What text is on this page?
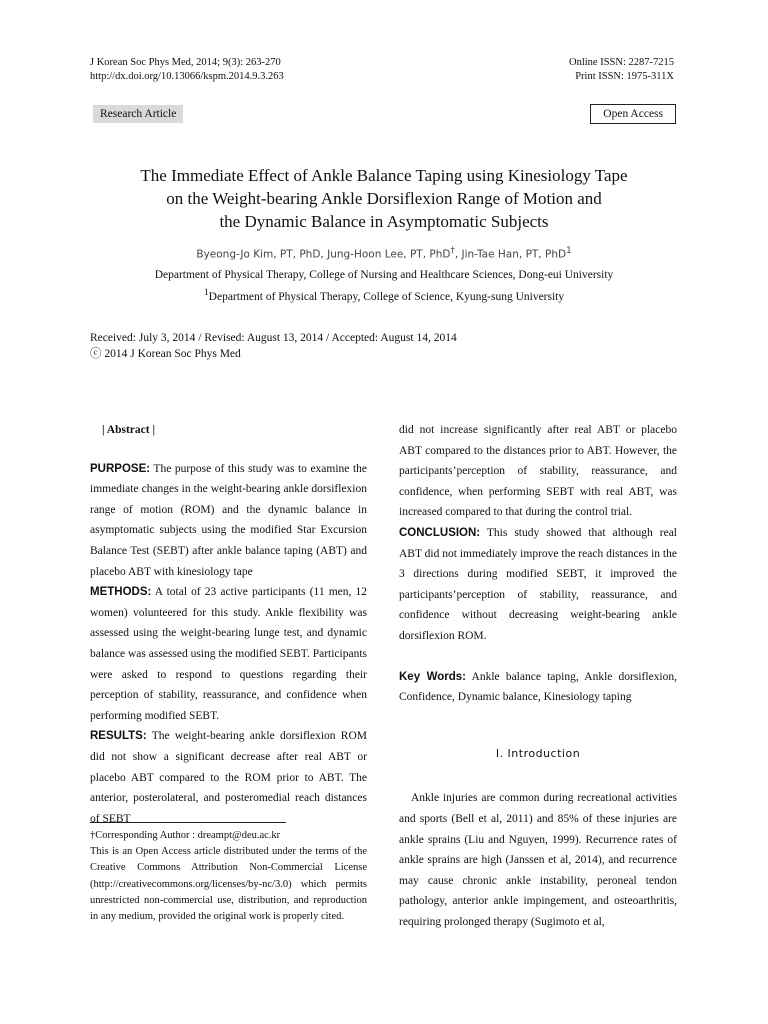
J Korean Soc Phys Med, 2014; 9(3): 263-270
http://dx.doi.org/10.13066/kspm.2014.9.3.263
Online ISSN: 2287-7215
Print ISSN: 1975-311X
Research Article	Open Access
The Immediate Effect of Ankle Balance Taping using Kinesiology Tape
on the Weight-bearing Ankle Dorsiflexion Range of Motion and
the Dynamic Balance in Asymptomatic Subjects
Byeong-Jo Kim, PT, PhD, Jung-Hoon Lee, PT, PhD†, Jin-Tae Han, PT, PhD$^1$
Department of Physical Therapy, College of Nursing and Healthcare Sciences, Dong-eui University
$^1$Department of Physical Therapy, College of Science, Kyung-sung University
Received: July 3, 2014 / Revised: August 13, 2014 / Accepted: August 14, 2014
ⓒ 2014 J Korean Soc Phys Med

| Abstract |

PURPOSE: The purpose of this study was to examine the immediate changes in the weight-bearing ankle dorsiflexion range of motion (ROM) and the dynamic balance in asymptomatic subjects using the modified Star Excursion Balance Test (SEBT) after ankle balance taping (ABT) and placebo ABT with kinesiology tape

METHODS: A total of 23 active participants (11 men, 12 women) volunteered for this study. Ankle flexibility was assessed using the weight-bearing lunge test, and dynamic balance was assessed using the modified SEBT. Participants were asked to respond to questions regarding their perception of stability, reassurance, and confidence when performing modified SEBT.

RESULTS: The weight-bearing ankle dorsiflexion ROM did not show a significant decrease after real ABT or placebo ABT compared to the ROM prior to ABT. The anterior, posterolateral, and posteromedial reach distances of SEBT

†Corresponding Author : dreampt@deu.ac.kr

This is an Open Access article distributed under the terms of the Creative Commons Attribution Non-Commercial License (http://creativecommons.org/licenses/by-nc/3.0) which permits unrestricted non-commercial use, distribution, and reproduction in any medium, provided the original work is properly cited.

did not increase significantly after real ABT or placebo ABT compared to the distances prior to ABT. However, the participants’perception of stability, reassurance, and confidence, when performing SEBT with real ABT, was increased compared to that during the control trial.

CONCLUSION: This study showed that although real ABT did not immediately improve the reach distances in the 3 directions during modified SEBT, it improved the participants’perception of stability, reassurance, and confidence without decreasing weight-bearing ankle dorsiflexion ROM.

Key Words: Ankle balance taping, Ankle dorsiflexion, Confidence, Dynamic balance, Kinesiology taping

Ⅰ. Introduction

Ankle injuries are common during recreational activities and sports (Bell et al, 2011) and 85% of these injuries are ankle sprains (Liu and Nguyen, 1999). Recurrence rates of ankle sprains are high (Janssen et al, 2014), and recurrence may cause chronic ankle instability, peroneal tendon pathology, anterior ankle impingement, and osteoarthritis, requiring prolonged therapy (Sugimoto et al,
